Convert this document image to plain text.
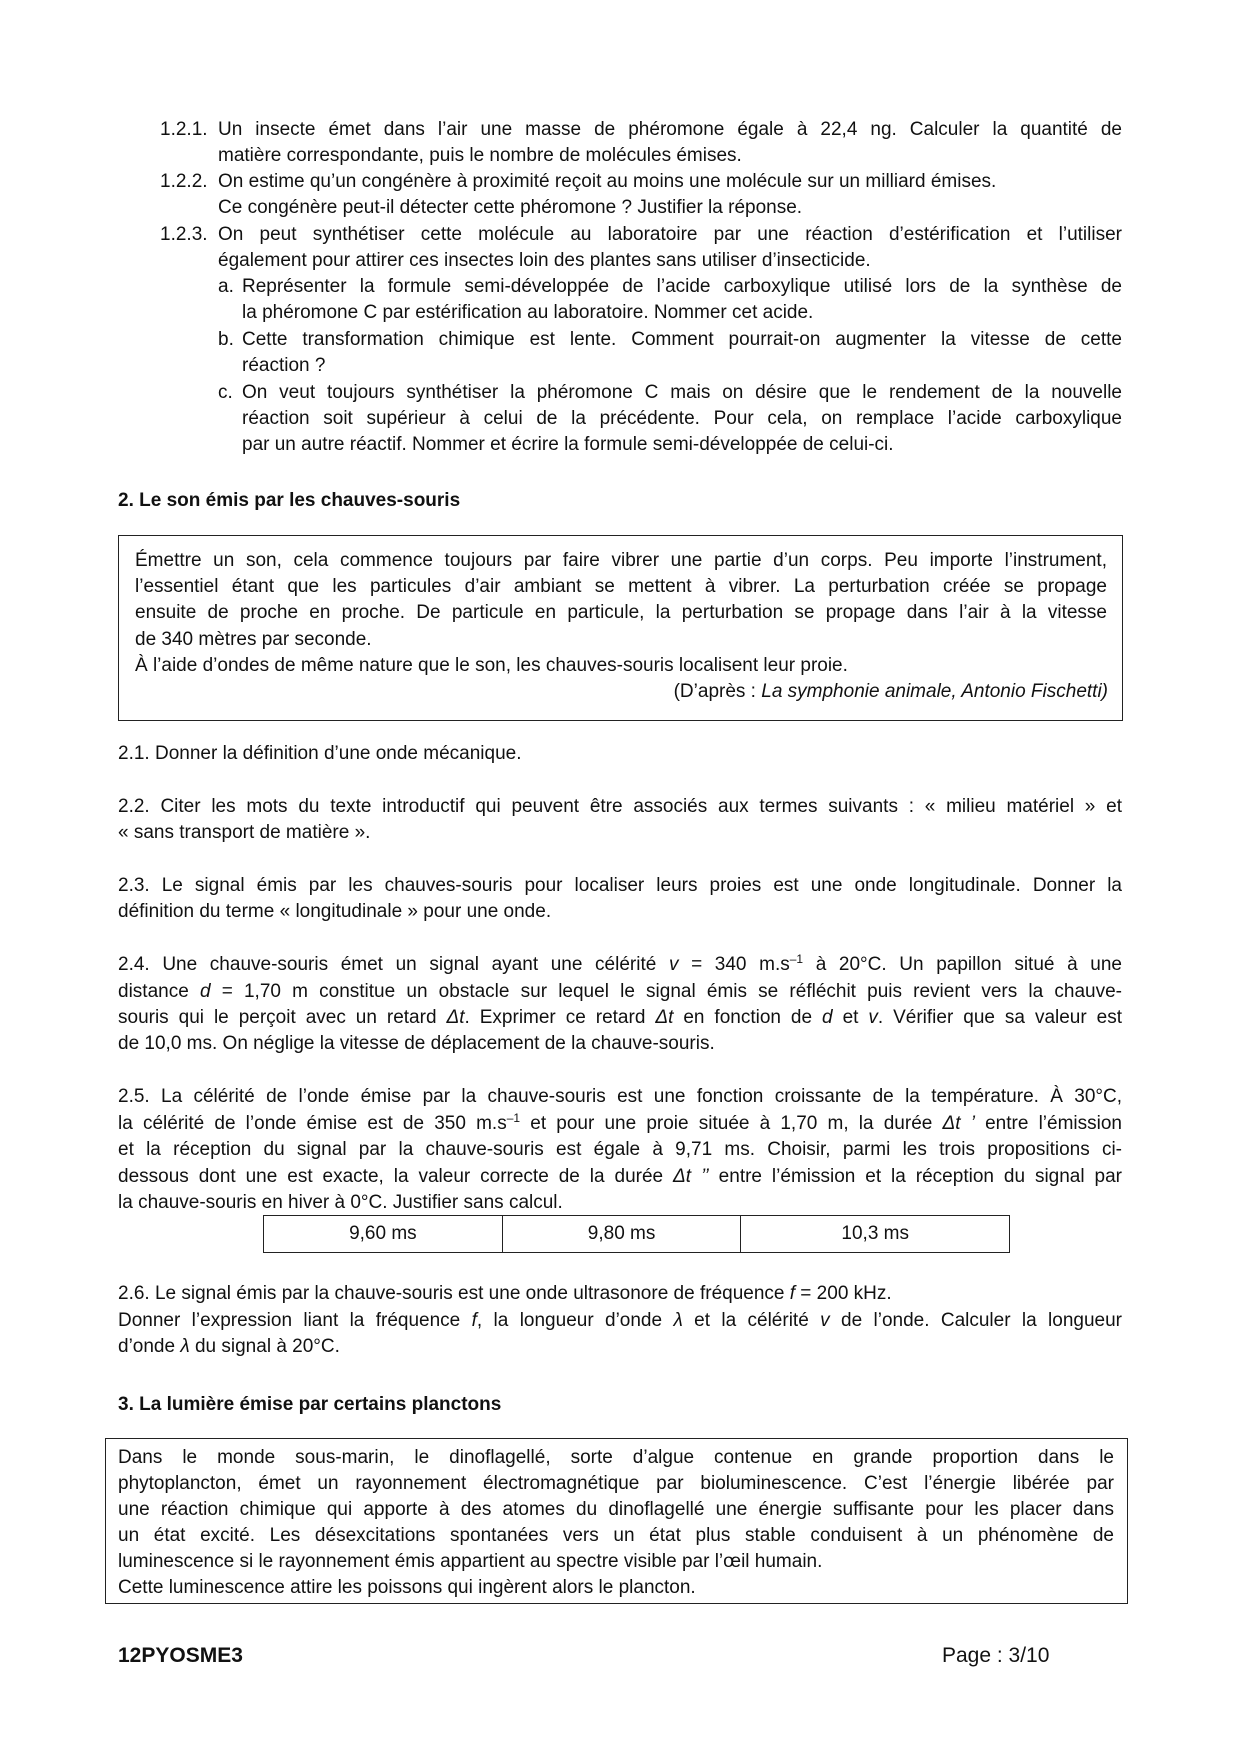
1.2.1. Un insecte émet dans l’air une masse de phéromone égale à 22,4 ng. Calculer la quantité de
matière correspondante, puis le nombre de molécules émises.
1.2.2. On estime qu’un congénère à proximité reçoit au moins une molécule sur un milliard émises.
Ce congénère peut-il détecter cette phéromone ? Justifier la réponse.
1.2.3. On peut synthétiser cette molécule au laboratoire par une réaction d’estérification et l’utiliser
également pour attirer ces insectes loin des plantes sans utiliser d’insecticide.
a. Représenter la formule semi-développée de l’acide carboxylique utilisé lors de la synthèse de
la phéromone C par estérification au laboratoire. Nommer cet acide.
b. Cette transformation chimique est lente. Comment pourrait-on augmenter la vitesse de cette
réaction ?
c. On veut toujours synthétiser la phéromone C mais on désire que le rendement de la nouvelle
réaction soit supérieur à celui de la précédente. Pour cela, on remplace l’acide carboxylique
par un autre réactif. Nommer et écrire la formule semi-développée de celui-ci.
2. Le son émis par les chauves-souris
Émettre un son, cela commence toujours par faire vibrer une partie d’un corps. Peu importe l’instrument,
l’essentiel étant que les particules d’air ambiant se mettent à vibrer. La perturbation créée se propage
ensuite de proche en proche. De particule en particule, la perturbation se propage dans l’air à la vitesse
de 340 mètres par seconde.
À l’aide d’ondes de même nature que le son, les chauves-souris localisent leur proie.
(D’après : La symphonie animale, Antonio Fischetti)
2.1. Donner la définition d’une onde mécanique.
2.2. Citer les mots du texte introductif qui peuvent être associés aux termes suivants : « milieu matériel » et
« sans transport de matière ».
2.3. Le signal émis par les chauves-souris pour localiser leurs proies est une onde longitudinale. Donner la
définition du terme « longitudinale » pour une onde.
2.4. Une chauve-souris émet un signal ayant une célérité v = 340 $m.s^{-1}$ à 20°C. Un papillon situé à une
distance d = 1,70 m constitue un obstacle sur lequel le signal émis se réfléchit puis revient vers la chauve-
souris qui le perçoit avec un retard Δt. Exprimer ce retard Δt en fonction de d et v. Vérifier que sa valeur est
de 10,0 ms. On néglige la vitesse de déplacement de la chauve-souris.
2.5. La célérité de l’onde émise par la chauve-souris est une fonction croissante de la température. À 30°C,
la célérité de l’onde émise est de 350 $m.s^{-1}$ et pour une proie située à 1,70 m, la durée Δt ’ entre l’émission
et la réception du signal par la chauve-souris est égale à 9,71 ms. Choisir, parmi les trois propositions ci-
dessous dont une est exacte, la valeur correcte de la durée Δt ’’ entre l’émission et la réception du signal par
la chauve-souris en hiver à 0°C. Justifier sans calcul.
9,60 ms	9,80 ms	10,3 ms
2.6. Le signal émis par la chauve-souris est une onde ultrasonore de fréquence f = 200 kHz.
Donner l’expression liant la fréquence f, la longueur d’onde λ et la célérité v de l’onde. Calculer la longueur
d’onde λ du signal à 20°C.
3. La lumière émise par certains planctons
Dans le monde sous-marin, le dinoflagellé, sorte d’algue contenue en grande proportion dans le
phytoplancton, émet un rayonnement électromagnétique par bioluminescence. C’est l’énergie libérée par
une réaction chimique qui apporte à des atomes du dinoflagellé une énergie suffisante pour les placer dans
un état excité. Les désexcitations spontanées vers un état plus stable conduisent à un phénomène de
luminescence si le rayonnement émis appartient au spectre visible par l’œil humain.
Cette luminescence attire les poissons qui ingèrent alors le plancton.
12PYOSME3	Page : 3/10
